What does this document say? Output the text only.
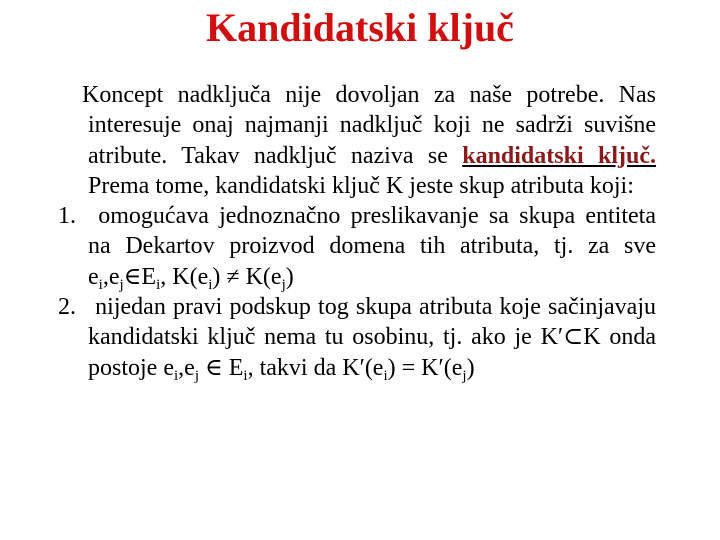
Kandidatski ključ

Koncept nadključa nije dovoljan za naše potrebe. Nas interesuje onaj najmanji nadključ koji ne sadrži suvišne atribute. Takav nadključ naziva se kandidatski ključ. Prema tome, kandidatski ključ K jeste skup atributa koji:

1. omogućava jednoznačno preslikavanje sa skupa entiteta na Dekartov proizvod domena tih atributa, tj. za sve $e_i,e_j\in E_i$, $K(e_i) \ne K(e_j)$

2. nijedan pravi podskup tog skupa atributa koje sačinjavaju kandidatski ključ nema tu osobinu, tj. ako je K′⊂K onda postoje $e_i,e_j$ ∈ $E_i$, takvi da $K'(e_i) = K'(e_j)$
